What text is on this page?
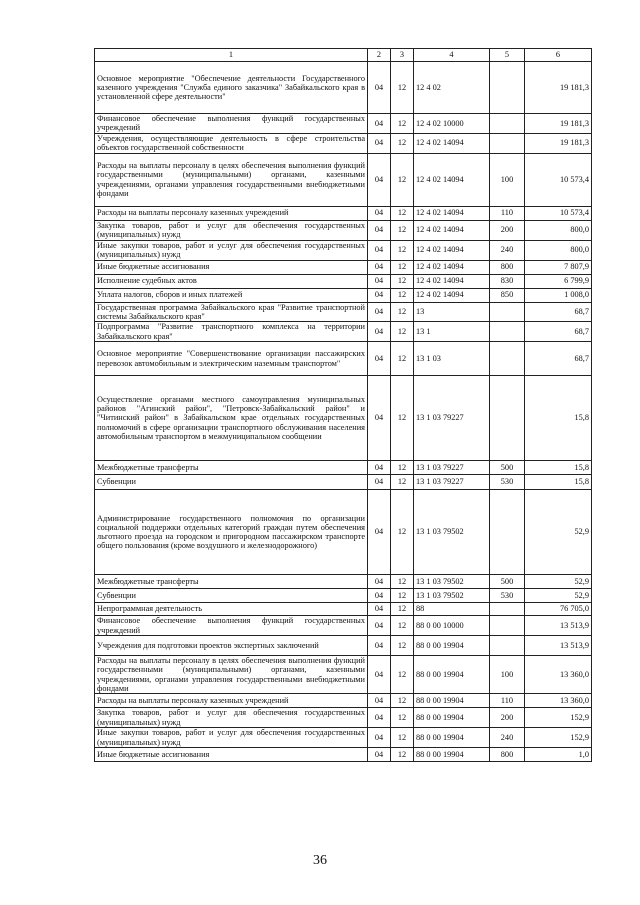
1	2	3	4	5	6
Основное мероприятие "Обеспечение деятельности Государственного казенного учреждения "Служба единого заказчика" Забайкальского края в установленной сфере деятельности"	04	12	12 4 02		19 181,3
Финансовое обеспечение выполнения функций государственных учреждений	04	12	12 4 02 10000		19 181,3
Учреждения, осуществляющие деятельность в сфере строительства объектов государственной собственности	04	12	12 4 02 14094		19 181,3
Расходы на выплаты персоналу в целях обеспечения выполнения функций государственными (муниципальными) органами, казенными учреждениями, органами управления государственными внебюджетными фондами	04	12	12 4 02 14094	100	10 573,4
Расходы на выплаты персоналу казенных учреждений	04	12	12 4 02 14094	110	10 573,4
Закупка товаров, работ и услуг для обеспечения государственных (муниципальных) нужд	04	12	12 4 02 14094	200	800,0
Иные закупки товаров, работ и услуг для обеспечения государственных (муниципальных) нужд	04	12	12 4 02 14094	240	800,0
Иные бюджетные ассигнования	04	12	12 4 02 14094	800	7 807,9
Исполнение судебных актов	04	12	12 4 02 14094	830	6 799,9
Уплата налогов, сборов и иных платежей	04	12	12 4 02 14094	850	1 008,0
Государственная программа Забайкальского края "Развитие транспортной системы Забайкальского края"	04	12	13		68,7
Подпрограмма "Развитие транспортного комплекса на территории Забайкальского края"	04	12	13 1		68,7
Основное мероприятие "Совершенствование организации пассажирских перевозок автомобильным и электрическим наземным транспортом"	04	12	13 1 03		68,7
Осуществление органами местного самоуправления муниципальных районов "Агинский район", "Петровск-Забайкальский район" и "Читинский район" в Забайкальском крае отдельных государственных полномочий в сфере организации транспортного обслуживания населения автомобильным транспортом в межмуниципальном сообщении	04	12	13 1 03 79227		15,8
Межбюджетные трансферты	04	12	13 1 03 79227	500	15,8
Субвенции	04	12	13 1 03 79227	530	15,8
Администрирование государственного полномочия по организации социальной поддержки отдельных категорий граждан путем обеспечения льготного проезда на городском и пригородном пассажирском транспорте общего пользования (кроме воздушного и железнодорожного)	04	12	13 1 03 79502		52,9
Межбюджетные трансферты	04	12	13 1 03 79502	500	52,9
Субвенции	04	12	13 1 03 79502	530	52,9
Непрограммная деятельность	04	12	88		76 705,0
Финансовое обеспечение выполнения функций государственных учреждений	04	12	88 0 00 10000		13 513,9
Учреждения для подготовки проектов экспертных заключений	04	12	88 0 00 19904		13 513,9
Расходы на выплаты персоналу в целях обеспечения выполнения функций государственными (муниципальными) органами, казенными учреждениями, органами управления государственными внебюджетными фондами	04	12	88 0 00 19904	100	13 360,0
Расходы на выплаты персоналу казенных учреждений	04	12	88 0 00 19904	110	13 360,0
Закупка товаров, работ и услуг для обеспечения государственных (муниципальных) нужд	04	12	88 0 00 19904	200	152,9
Иные закупки товаров, работ и услуг для обеспечения государственных (муниципальных) нужд	04	12	88 0 00 19904	240	152,9
Иные бюджетные ассигнования	04	12	88 0 00 19904	800	1,0
36
